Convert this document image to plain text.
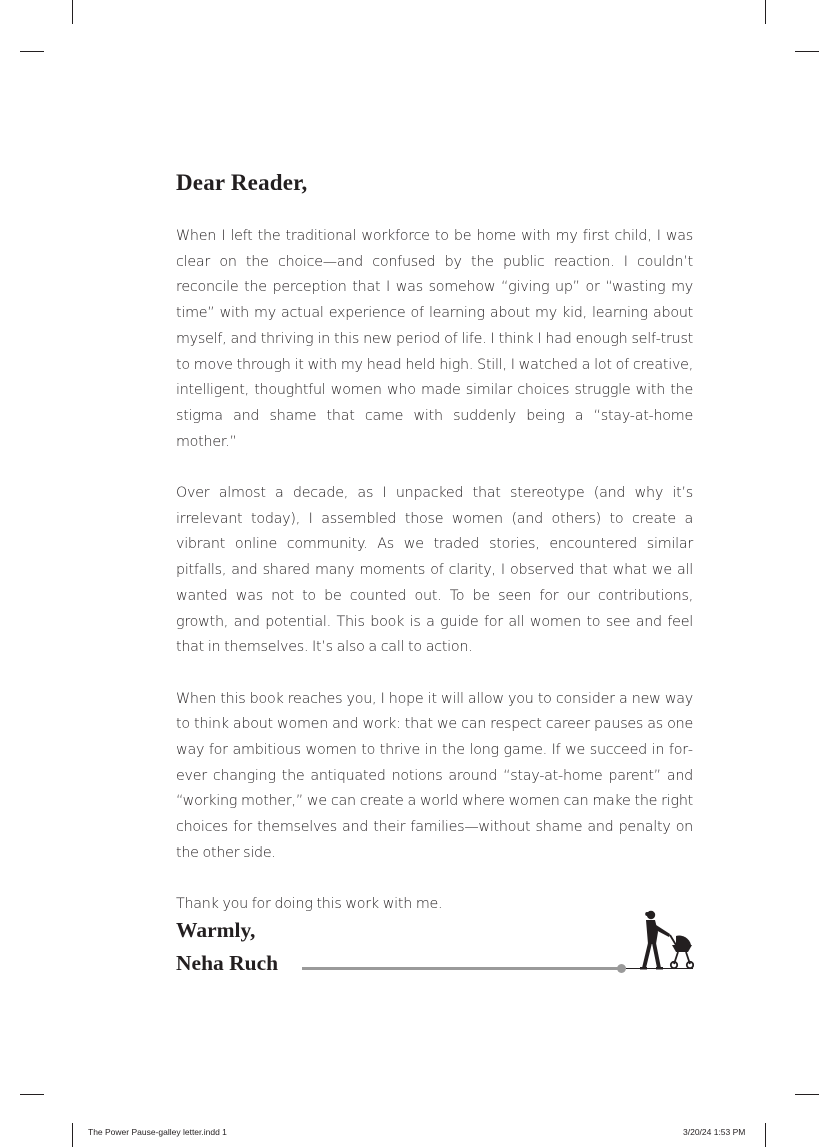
Dear Reader,

When I left the traditional workforce to be home with my first child, I was clear on the choice—and confused by the public reaction. I couldn’t reconcile the perception that I was somehow “giving up” or “wasting my time” with my actual experience of learning about my kid, learning about myself, and thriving in this new period of life. I think I had enough self-trust to move through it with my head held high. Still, I watched a lot of creative, intelligent, thoughtful women who made similar choices struggle with the stigma and shame that came with suddenly being a “stay-at-home mother.”

Over almost a decade, as I unpacked that stereotype (and why it’s irrelevant today), I assembled those women (and others) to create a vibrant online community. As we traded stories, encountered similar pitfalls, and shared many moments of clarity, I observed that what we all wanted was not to be counted out. To be seen for our contributions, growth, and potential. This book is a guide for all women to see and feel that in themselves. It’s also a call to action.

When this book reaches you, I hope it will allow you to consider a new way to think about women and work: that we can respect career pauses as one way for ambitious women to thrive in the long game. If we succeed in forever changing the antiquated notions around “stay-at-home parent” and “working mother,” we can create a world where women can make the right choices for themselves and their families—without shame and penalty on the other side.

Thank you for doing this work with me.

Warmly,
Neha Ruch
The Power Pause-galley letter.indd 1	3/20/24 1:53 PM
